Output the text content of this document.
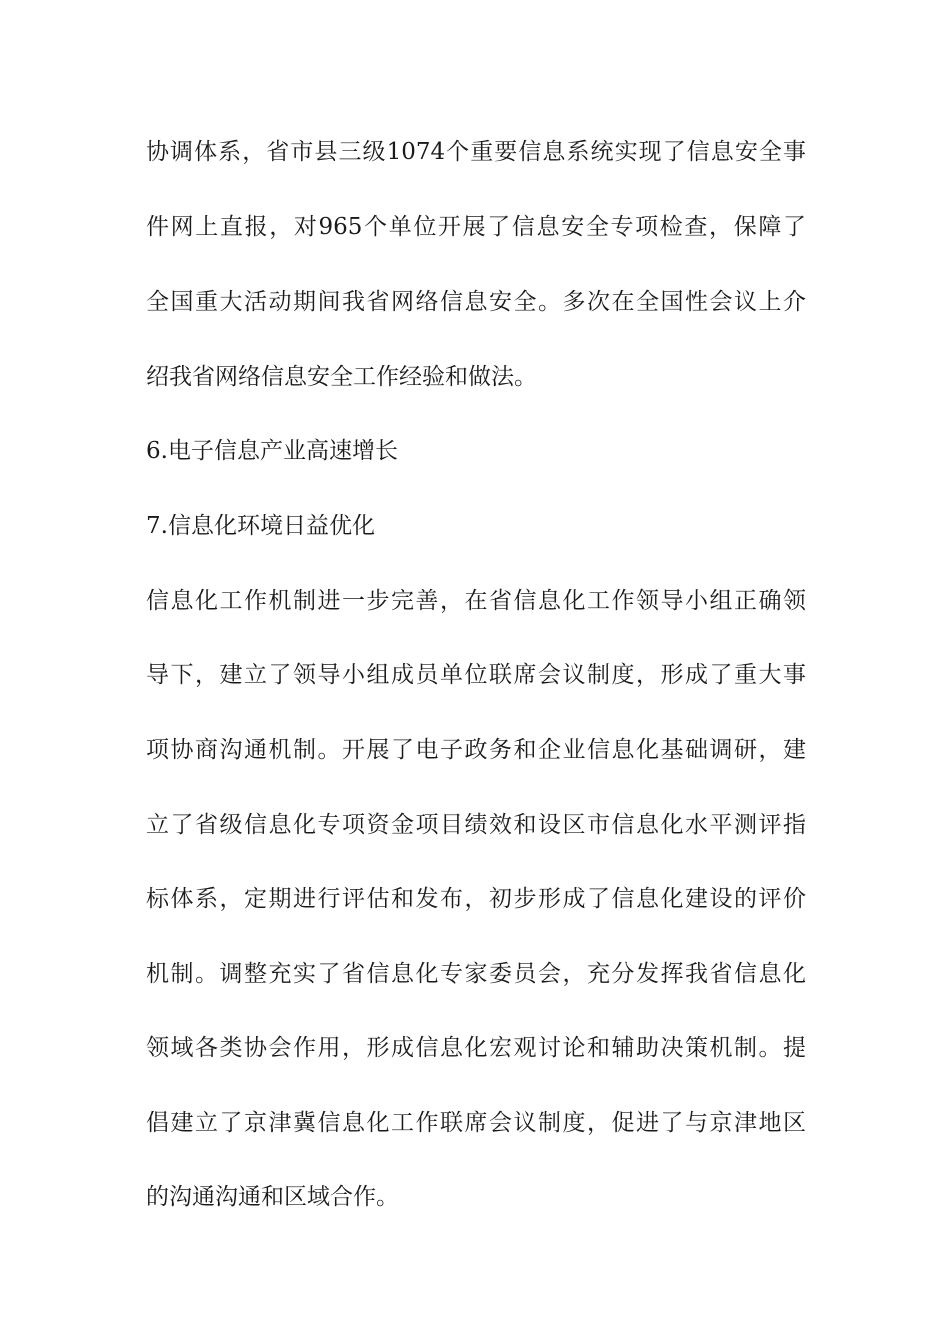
协调体系，省市县三级1074个重要信息系统实现了信息安全事
件网上直报，对965个单位开展了信息安全专项检查，保障了
全国重大活动期间我省网络信息安全。多次在全国性会议上介
绍我省网络信息安全工作经验和做法。
6.电子信息产业高速增长
7.信息化环境日益优化
信息化工作机制进一步完善，在省信息化工作领导小组正确领
导下，建立了领导小组成员单位联席会议制度，形成了重大事
项协商沟通机制。开展了电子政务和企业信息化基础调研，建
立了省级信息化专项资金项目绩效和设区市信息化水平测评指
标体系，定期进行评估和发布，初步形成了信息化建设的评价
机制。调整充实了省信息化专家委员会，充分发挥我省信息化
领域各类协会作用，形成信息化宏观讨论和辅助决策机制。提
倡建立了京津冀信息化工作联席会议制度，促进了与京津地区
的沟通沟通和区域合作。
